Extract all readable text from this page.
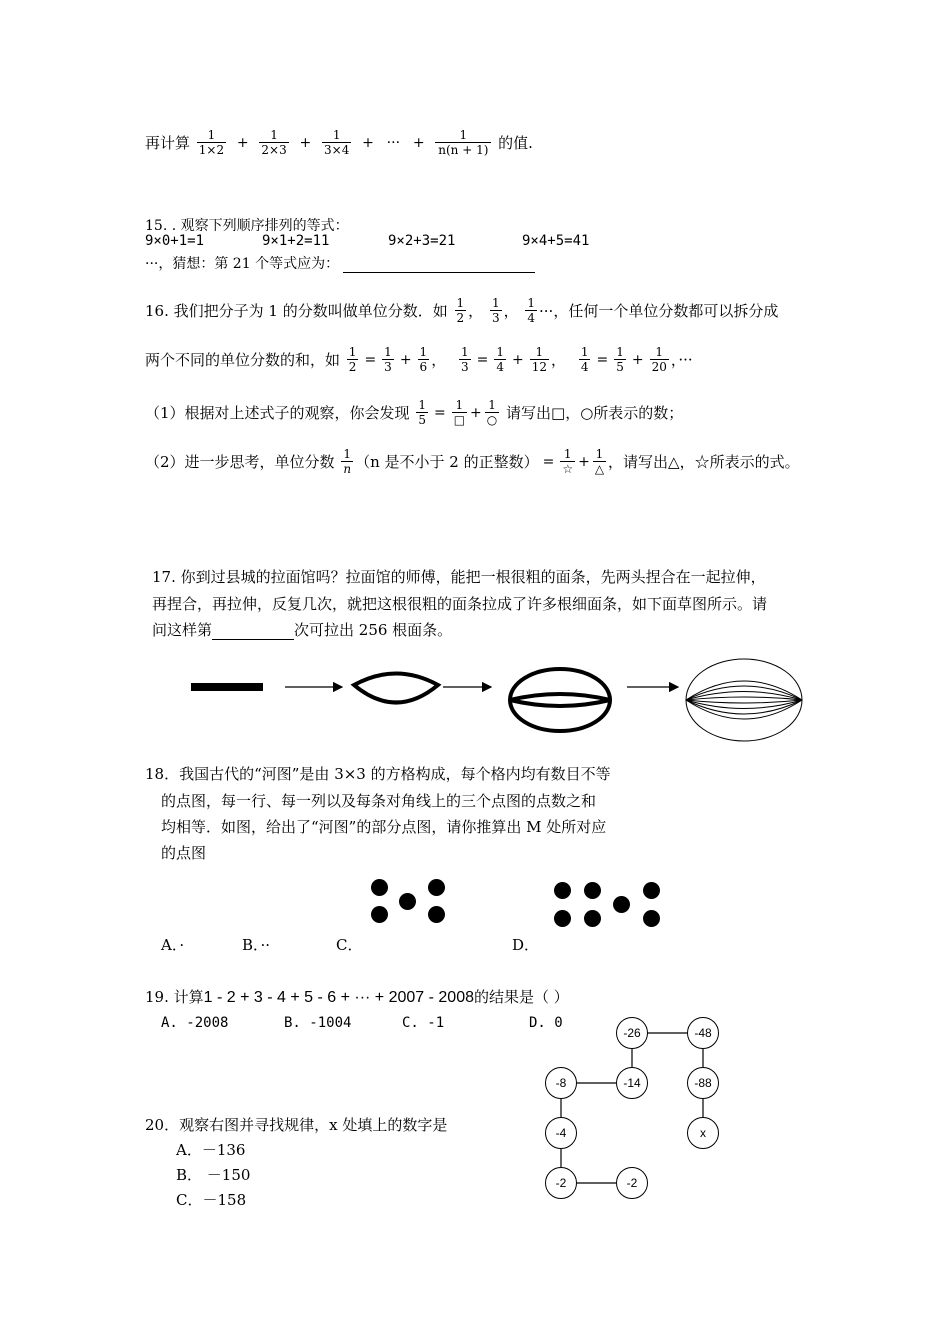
再计算 $\frac{1}{1\times 2} + \frac{1}{2\times 3} + \frac{1}{3\times 4}$ + ··· + $\frac{1}{n(n + 1)}$ 的值.
15. . 观察下列顺序排列的等式：
9×0+1=1	9×1+2=11	9×2+3=21	9×4+5=41
···，猜想：第 21 个等式应为：
16. 我们把分子为 1 的分数叫做单位分数．如 $\frac{1}{2}$ ， $\frac{1}{3}$ ， $\frac{1}{4}$ ···，任何一个单位分数都可以拆分成
两个不同的单位分数的和，如 $\frac{1}{2} = \frac{1}{3} + \frac{1}{6}$ ， $\frac{1}{3} = \frac{1}{4} + \frac{1}{12}$ ， $\frac{1}{4} = \frac{1}{5} + \frac{1}{20}$ ，···
（1）根据对上述式子的观察，你会发现 $\frac{1}{5} = \frac{1}{□} + \frac{1}{○}$ 请写出□，○所表示的数；
（2）进一步思考，单位分数 $\frac{1}{n} (n$ 是不小于 2 的正整数） = $\frac{1}{☆} + \frac{1}{\triangle}$ ，请写出△，☆所表示的式。
17. 你到过县城的拉面馆吗？拉面馆的师傅，能把一根很粗的面条，先两头捏合在一起拉伸，
再捏合，再拉伸，反复几次，就把这根很粗的面条拉成了许多根细面条，如下面草图所示。请
问这样第	次可拉出 256 根面条。
18．我国古代的“河图”是由 3×3 的方格构成，每个格内均有数目不等
的点图，每一行、每一列以及每条对角线上的三个点图的点数之和
均相等．如图，给出了“河图”的部分点图，请你推算出 M 处所对应
的点图
A．·	B．··	C．	D．
19. 计算1 - 2 + 3 - 4 + 5 - 6 + ··· + 2007 - 2008的结果是（ ）
A. -2008	B. -1004	C. -1	D. 0
20．观察右图并寻找规律，x 处填上的数字是
A．－136
B． －150
C．－158
-26	-48
-8	-14	-88
-4	x
-2	-2
